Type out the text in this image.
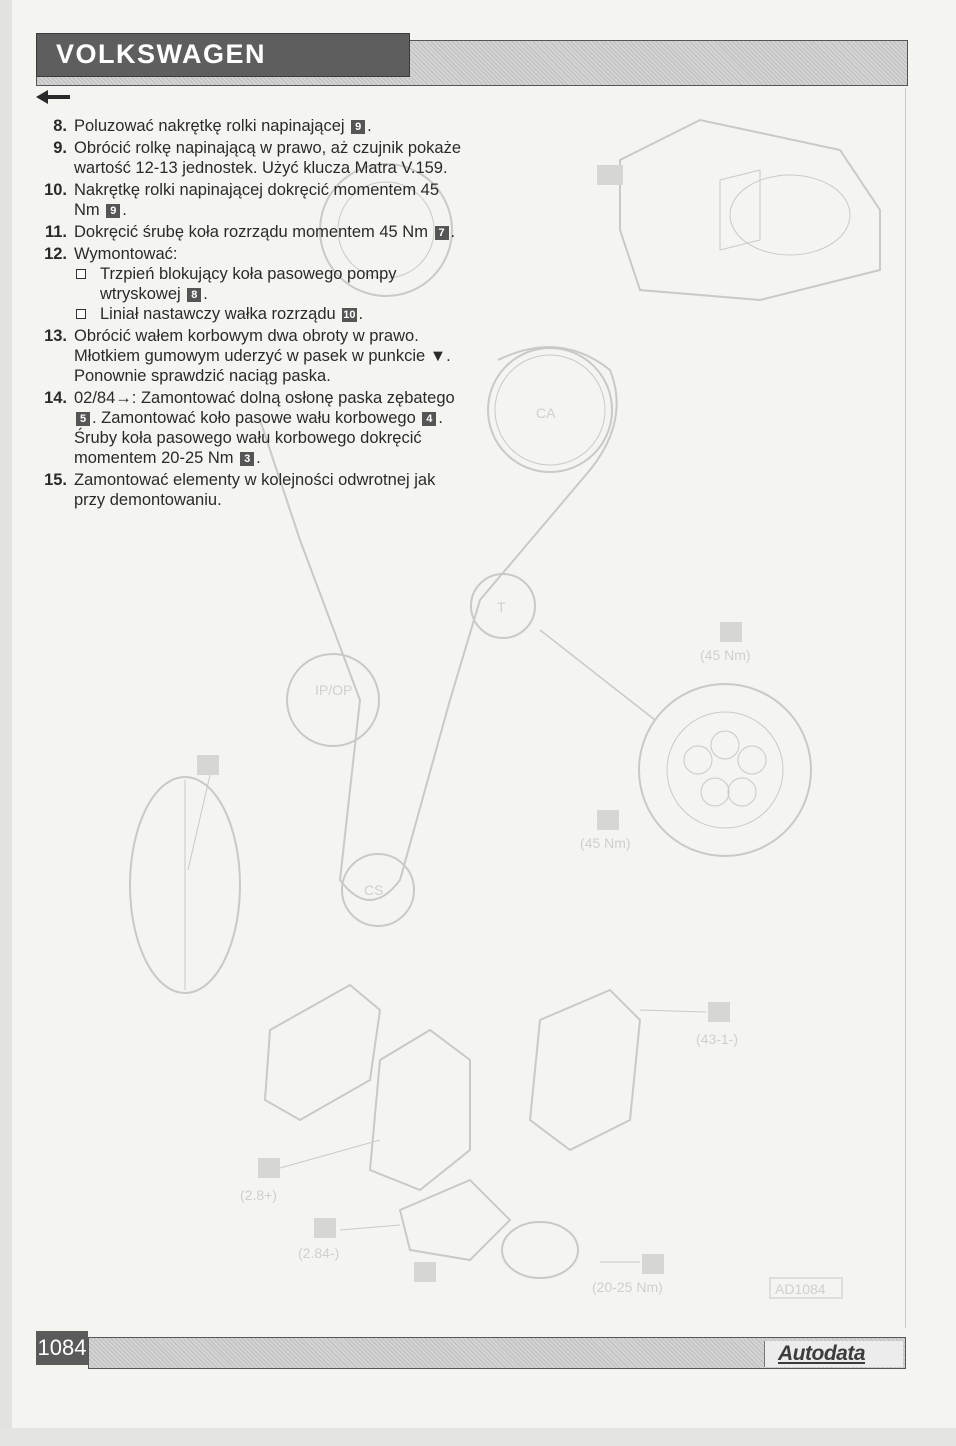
VOLKSWAGEN
CA
T
IP/OP
CS
(45 Nm)
(45 Nm)
(43-1-)
(2.8+)
(2.84-)
(20-25 Nm)	AD1084
8. Poluzować nakrętkę rolki napinającej 9 .
9. Obrócić rolkę napinającą w prawo, aż czujnik pokaże wartość 12-13 jednostek. Użyć klucza Matra V.159.
10. Nakrętkę rolki napinającej dokręcić momentem 45 Nm 9 .
11. Dokręcić śrubę koła rozrządu momentem 45 Nm 7 .
12. Wymontować:
Trzpień blokujący koła pasowego pompy wtryskowej 8 .
Liniał nastawczy wałka rozrządu 10 .
13. Obrócić wałem korbowym dwa obroty w prawo. Młotkiem gumowym uderzyć w pasek w punkcie ▼. Ponownie sprawdzić naciąg paska.
14. 02/84→: Zamontować dolną osłonę paska zębatego 5 . Zamontować koło pasowe wału korbowego 4 . Śruby koła pasowego wału korbowego dokręcić momentem 20-25 Nm 3 .
15. Zamontować elementy w kolejności odwrotnej jak przy demontowaniu.
1084	Autodata
